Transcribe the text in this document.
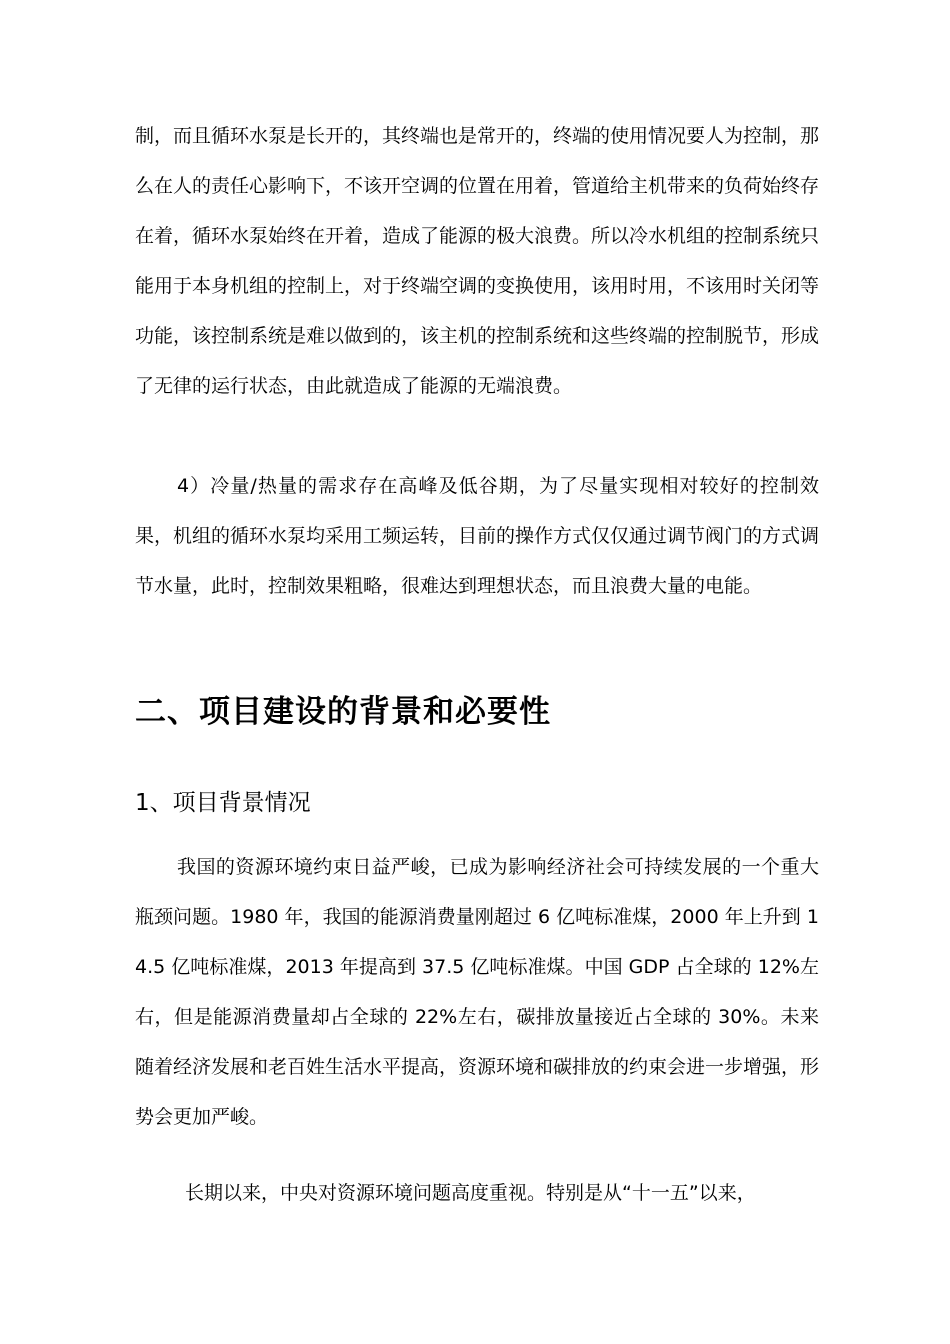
制，而且循环水泵是长开的，其终端也是常开的，终端的使用情况要人为控制，那么在人的责任心影响下，不该开空调的位置在用着，管道给主机带来的负荷始终存在着，循环水泵始终在开着，造成了能源的极大浪费。所以冷水机组的控制系统只能用于本身机组的控制上，对于终端空调的变换使用，该用时用，不该用时关闭等功能，该控制系统是难以做到的，该主机的控制系统和这些终端的控制脱节，形成了无律的运行状态，由此就造成了能源的无端浪费。

4）冷量/热量的需求存在高峰及低谷期，为了尽量实现相对较好的控制效果，机组的循环水泵均采用工频运转，目前的操作方式仅仅通过调节阀门的方式调节水量，此时，控制效果粗略，很难达到理想状态，而且浪费大量的电能。

二、项目建设的背景和必要性
1、项目背景情况

我国的资源环境约束日益严峻，已成为影响经济社会可持续发展的一个重大瓶颈问题。1980 年，我国的能源消费量刚超过 6 亿吨标准煤，2000 年上升到 14.5 亿吨标准煤，2013 年提高到 37.5 亿吨标准煤。中国 GDP 占全球的 12%左右，但是能源消费量却占全球的 22%左右，碳排放量接近占全球的 30%。未来随着经济发展和老百姓生活水平提高，资源环境和碳排放的约束会进一步增强，形势会更加严峻。

长期以来，中央对资源环境问题高度重视。特别是从“十一五”以来，
